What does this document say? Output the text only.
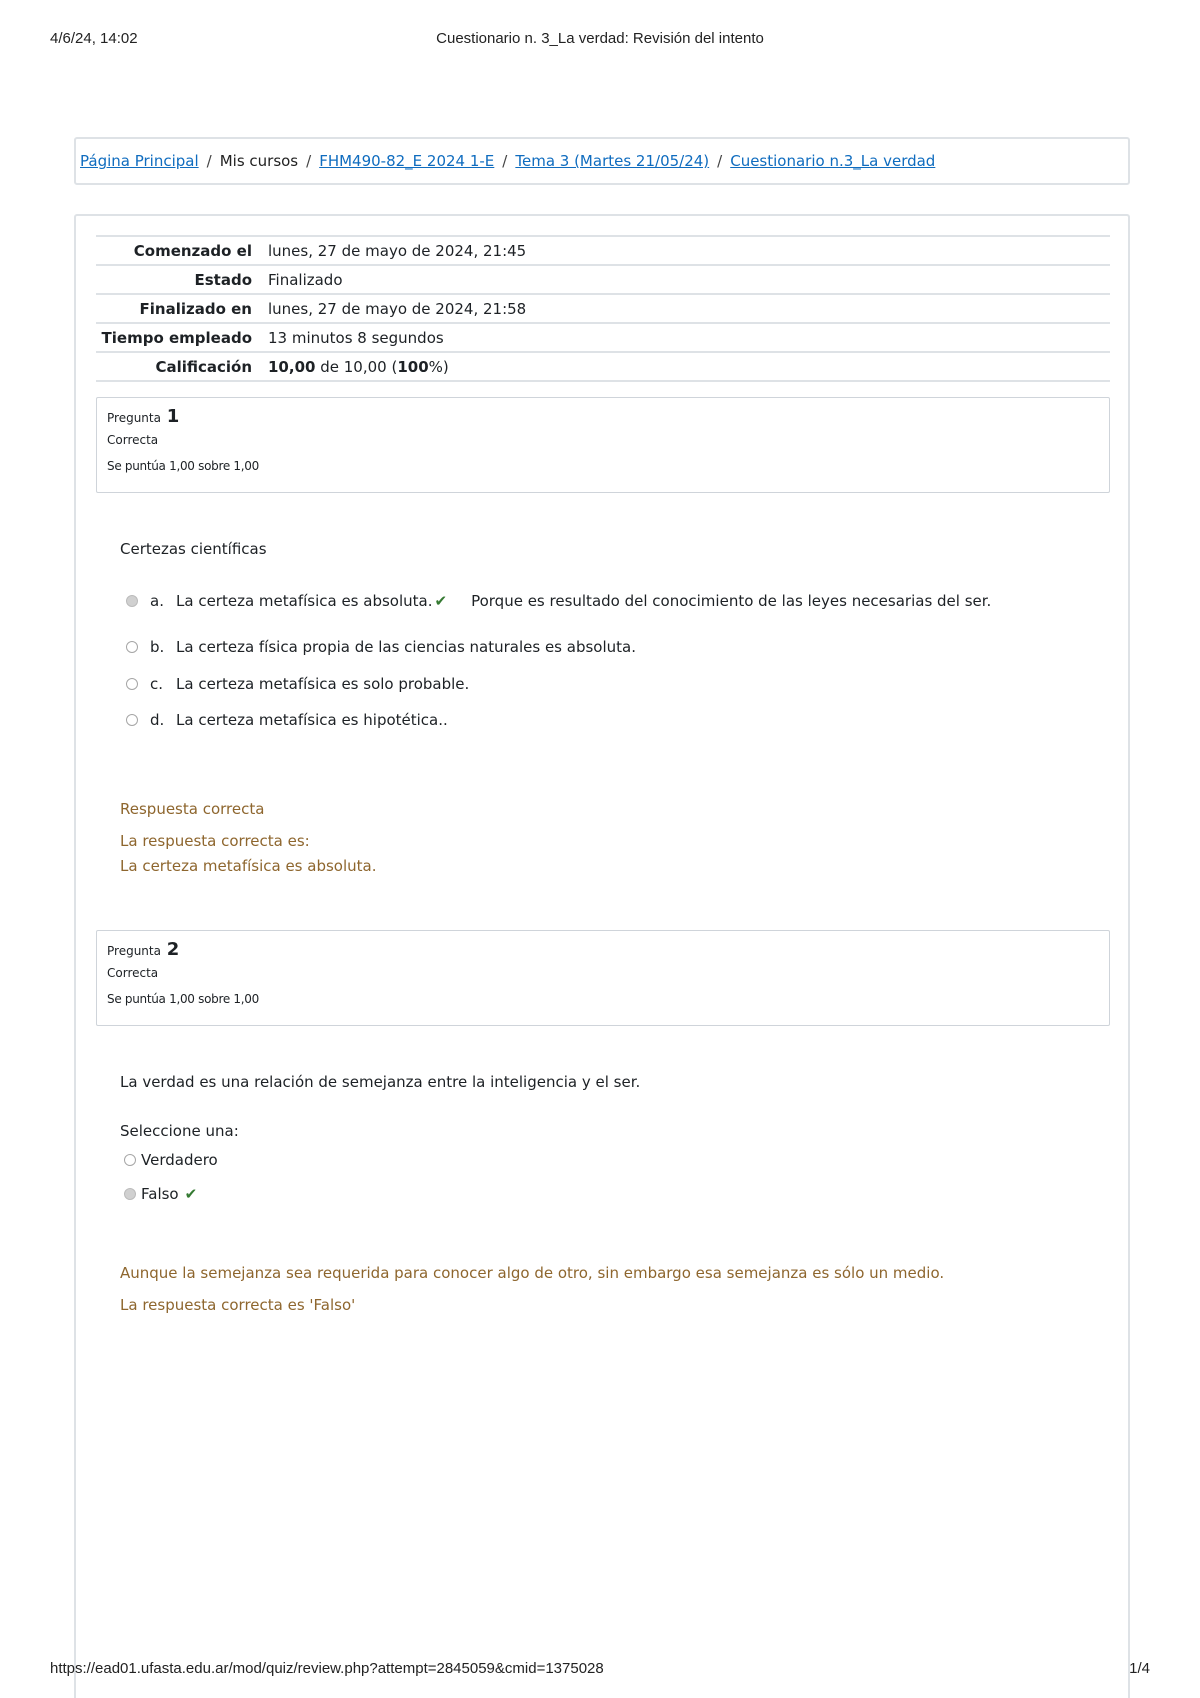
4/6/24, 14:02	Cuestionario n. 3_La verdad: Revisión del intento
Página Principal / Mis cursos / FHM490-82_E 2024 1-E / Tema 3 (Martes 21/05/24) / Cuestionario n.3_La verdad
Comenzado el	lunes, 27 de mayo de 2024, 21:45
Estado	Finalizado
Finalizado en	lunes, 27 de mayo de 2024, 21:58
Tiempo empleado	13 minutos 8 segundos
Calificación	10,00 de 10,00 (100%)
Pregunta 1
Correcta
Se puntúa 1,00 sobre 1,00
Certezas científicas
a. La certeza metafísica es absoluta. ✔ Porque es resultado del conocimiento de las leyes necesarias del ser.
b. La certeza física propia de las ciencias naturales es absoluta.
c. La certeza metafísica es solo probable.
d. La certeza metafísica es hipotética..
Respuesta correcta
La respuesta correcta es:
La certeza metafísica es absoluta.
Pregunta 2
Correcta
Se puntúa 1,00 sobre 1,00
La verdad es una relación de semejanza entre la inteligencia y el ser.
Seleccione una:
Verdadero
Falso ✔
Aunque la semejanza sea requerida para conocer algo de otro, sin embargo esa semejanza es sólo un medio.
La respuesta correcta es 'Falso'
https://ead01.ufasta.edu.ar/mod/quiz/review.php?attempt=2845059&cmid=1375028	1/4
